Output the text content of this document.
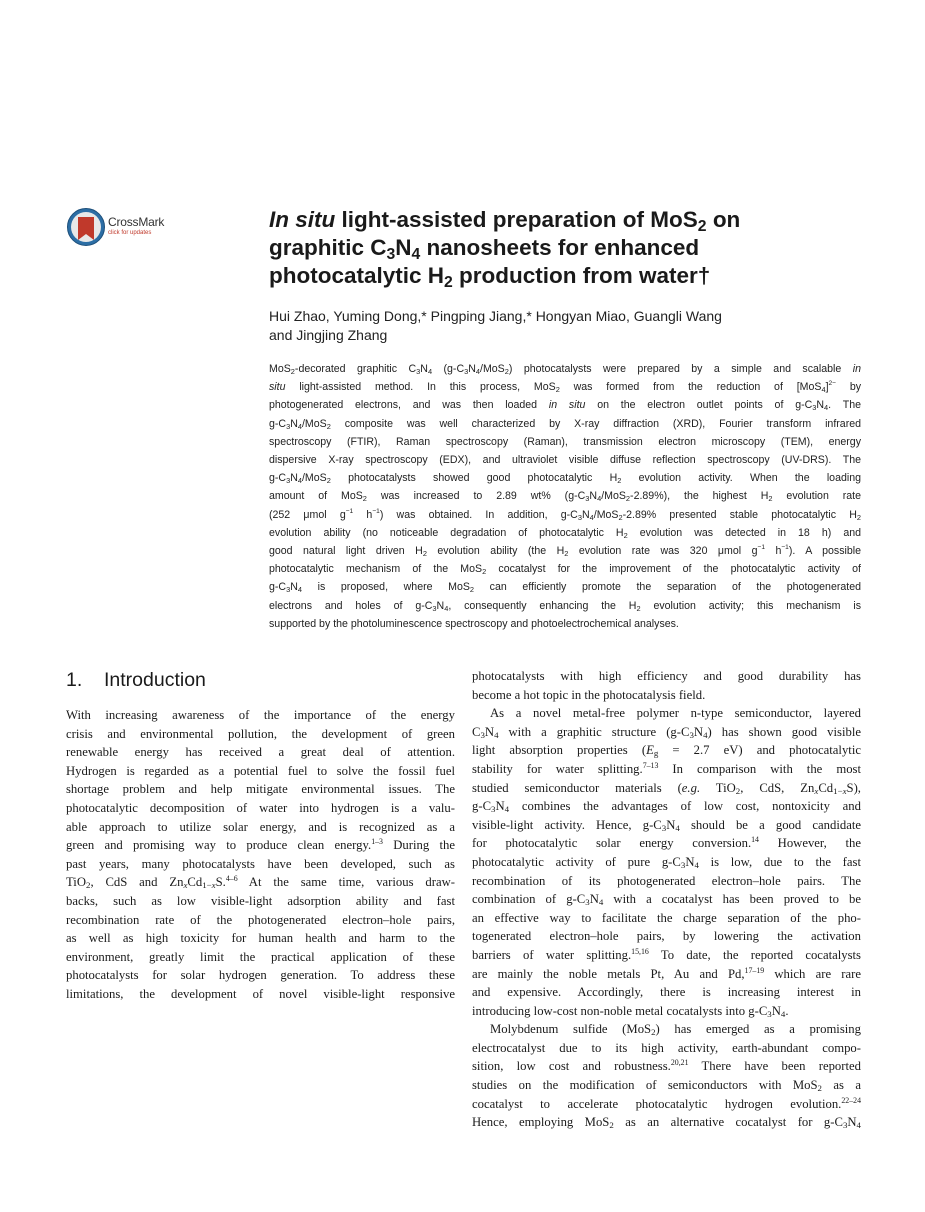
CrossMark
click for updates
In situ light-assisted preparation of MoS$_2$ on
graphitic $C_3N_4$ nanosheets for enhanced
photocatalytic $H_2$ production from water†
Hui Zhao, Yuming Dong,* Pingping Jiang,* Hongyan Miao, Guangli Wang
and Jingjing Zhang
MoS$_2$-decorated graphitic $C_3N_4$ $(g-C_3N_4/MoS_2)$ photocatalysts were prepared by a simple and scalable in
situ light-assisted method. In this process, MoS$_2$ was formed from the reduction of $[MoS_4]^{2-}$ by
photogenerated electrons, and was then loaded in situ on the electron outlet points of $g-C_3N_4$. The
$g-C_3N_4/MoS_2$ composite was well characterized by X-ray diffraction (XRD), Fourier transform infrared
spectroscopy (FTIR), Raman spectroscopy (Raman), transmission electron microscopy (TEM), energy
dispersive X-ray spectroscopy (EDX), and ultraviolet visible diffuse reflection spectroscopy (UV-DRS). The
$g-C_3N_4/MoS_2$ photocatalysts showed good photocatalytic $H_2$ evolution activity. When the loading
amount of MoS$_2$ was increased to 2.89 wt% $(g-C_3N_4/MoS_2-2.89\%)$, the highest $H_2$ evolution rate
(252 μmol $g^{-1}$ $h^{-1}$) was obtained. In addition, $g-C_3N_4/MoS_2-2.89\%$ presented stable photocatalytic $H_2$
evolution ability (no noticeable degradation of photocatalytic $H_2$ evolution was detected in 18 h) and
good natural light driven $H_2$ evolution ability (the $H_2$ evolution rate was 320 μmol $g^{-1}$ $h^{-1}$). A possible
photocatalytic mechanism of the MoS$_2$ cocatalyst for the improvement of the photocatalytic activity of
$g-C_3N_4$ is proposed, where MoS$_2$ can efficiently promote the separation of the photogenerated
electrons and holes of $g-C_3N_4$, consequently enhancing the $H_2$ evolution activity; this mechanism is
supported by the photoluminescence spectroscopy and photoelectrochemical analyses.
1. Introduction
With increasing awareness of the importance of the energy
crisis and environmental pollution, the development of green
renewable energy has received a great deal of attention.
Hydrogen is regarded as a potential fuel to solve the fossil fuel
shortage problem and help mitigate environmental issues. The
photocatalytic decomposition of water into hydrogen is a valu-
able approach to utilize solar energy, and is recognized as a
green and promising way to produce clean energy.$^{1-3}$ During the
past years, many photocatalysts have been developed, such as
TiO$_2$, CdS and $Zn_xCd_{1-x}S.^{4-6}$ At the same time, various draw-
backs, such as low visible-light adsorption ability and fast
recombination rate of the photogenerated electron–hole pairs,
as well as high toxicity for human health and harm to the
environment, greatly limit the practical application of these
photocatalysts for solar hydrogen generation. To address these
limitations, the development of novel visible-light responsive
photocatalysts with high efficiency and good durability has
become a hot topic in the photocatalysis field.
As a novel metal-free polymer n-type semiconductor, layered
$C_3N_4$ with a graphitic structure $(g-C_3N_4)$ has shown good visible
light absorption properties ($E_g = 2.7$ eV) and photocatalytic
stability for water splitting.$^{7-13}$ In comparison with the most
studied semiconductor materials (e.g. TiO$_2$, CdS, $Zn_xCd_{1-x}S$),
$g-C_3N_4$ combines the advantages of low cost, nontoxicity and
visible-light activity. Hence, $g-C_3N_4$ should be a good candidate
for photocatalytic solar energy conversion.$^{14}$ However, the
photocatalytic activity of pure $g-C_3N_4$ is low, due to the fast
recombination of its photogenerated electron–hole pairs. The
combination of $g-C_3N_4$ with a cocatalyst has been proved to be
an effective way to facilitate the charge separation of the pho-
togenerated electron–hole pairs, by lowering the activation
barriers of water splitting.$^{15,16}$ To date, the reported cocatalysts
are mainly the noble metals Pt, Au and Pd,$^{17-19}$ which are rare
and expensive. Accordingly, there is increasing interest in
introducing low-cost non-noble metal cocatalysts into $g-C_3N_4$.
Molybdenum sulfide (MoS$_2$) has emerged as a promising
electrocatalyst due to its high activity, earth-abundant compo-
sition, low cost and robustness.$^{20,21}$ There have been reported
studies on the modification of semiconductors with MoS$_2$ as a
cocatalyst to accelerate photocatalytic hydrogen evolution.$^{22-24}$
Hence, employing MoS$_2$ as an alternative cocatalyst for $g-C_3N_4$
